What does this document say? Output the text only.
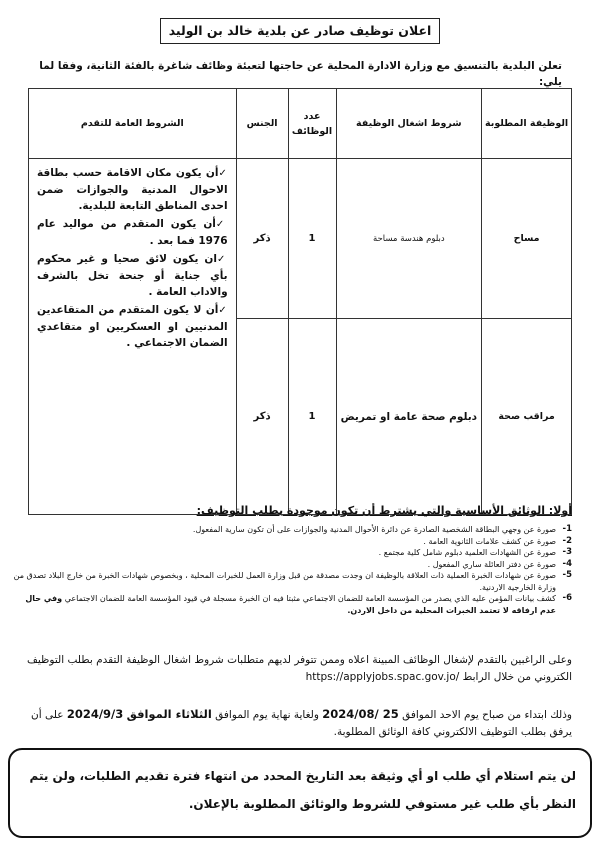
اعلان توظيف صادر عن بلدية خالد بن الوليد
تعلن البلدية بالتنسيق مع وزارة الادارة المحلية عن حاجتها لتعبئة وظائف شاغرة بالفئة الثانية، وفقا لما يلي:
الوظيفة المطلوبة	شروط اشغال الوظيفة	عدد الوظائف	الجنس	الشروط العامة للتقدم
مساح	دبلوم هندسة مساحة	1	ذكر	✓أن يكون مكان الاقامة حسب بطاقة الاحوال المدنية والجوازات ضمن احدى المناطق التابعة للبلدية.
✓أن يكون المتقدم من مواليد عام 1976 فما بعد .
✓ان يكون لائق صحيا و غير محكوم بأي جناية أو جنحة تخل بالشرف والاداب العامة .
✓أن لا يكون المتقدم من المتقاعدين المدنيين او العسكريين او متقاعدي الضمان الاجتماعي .

مراقب صحة	دبلوم صحة عامة او تمريض	1	ذكر	
أولا: الوثائق الأساسية والتي يشترط أن تكون موجودة بطلب التوظيف:
1-
صورة عن وجهي البطاقة الشخصية الصادرة عن دائرة الأحوال المدنية والجوازات على أن تكون سارية المفعول.
2-
صورة عن كشف علامات الثانوية العامة .
3-
صورة عن الشهادات العلمية دبلوم شامل كلية مجتمع .
4-
صورة عن دفتر العائلة ساري المفعول .
5-
صورة عن شهادات الخبرة العملية ذات العلاقة بالوظيفة ان وجدت مصدقة من قبل وزارة العمل للخبرات المحلية ، وبخصوص شهادات الخبرة من خارج البلاد تصدق من وزارة الخارجية الاردنية.
6-
كشف بيانات المؤمن عليه الذي يصدر من المؤسسة العامة للضمان الاجتماعي مثبتا فيه ان الخبرة مسجلة في قيود المؤسسة العامة للضمان الاجتماعي وفي حال عدم ارفاقه لا تعتمد الخبرات المحلية من داخل الاردن.
وعلى الراغبين بالتقدم لإشغال الوظائف المبينة اعلاه وممن تتوفر لديهم متطلبات شروط اشغال الوظيفة التقدم بطلب التوظيف الكتروني من خلال الرابط https://applyjobs.spac.gov.jo/
وذلك ابتداء من صباح يوم الاحد الموافق 25 /2024/08 ولغاية نهاية يوم الموافق الثلاثاء الموافق 2024/9/3 على أن يرفق بطلب التوظيف الالكتروني كافة الوثائق المطلوبة.
لن يتم استلام أي طلب او أي وثيقة بعد التاريخ المحدد من انتهاء فترة تقديم الطلبات، ولن يتم النظر بأي طلب غير مستوفي للشروط والوثائق المطلوبة بالإعلان.
